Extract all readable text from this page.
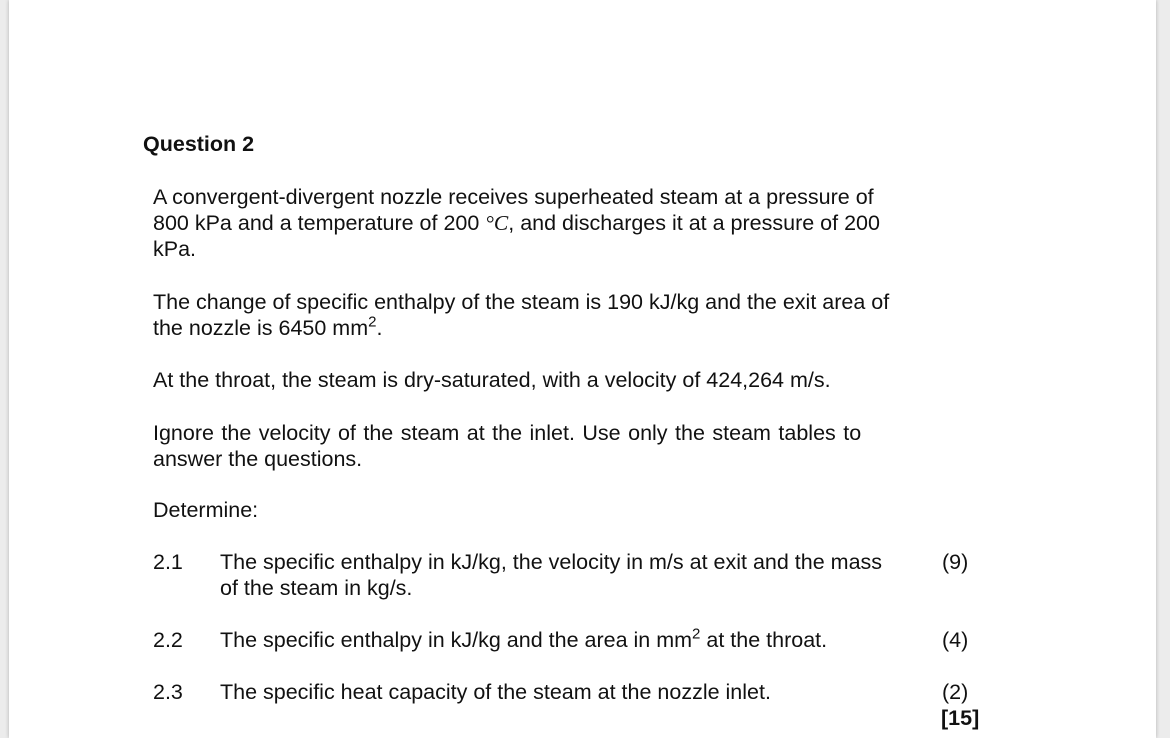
Question 2
A convergent-divergent nozzle receives superheated steam at a pressure of
800 kPa and a temperature of 200 °C, and discharges it at a pressure of 200
kPa.
The change of specific enthalpy of the steam is 190 kJ/kg and the exit area of
the nozzle is 6450 $mm^2$.
At the throat, the steam is dry-saturated, with a velocity of 424,264 m/s.
Ignore the velocity of the steam at the inlet. Use only the steam tables to
answer the questions.
Determine:
2.1 The specific enthalpy in kJ/kg, the velocity in m/s at exit and the mass
of the steam in kg/s.
(9)
2.2 The specific enthalpy in kJ/kg and the area in $mm^2$ at the throat.	(4)
2.3 The specific heat capacity of the steam at the nozzle inlet.	(2)
[15]
